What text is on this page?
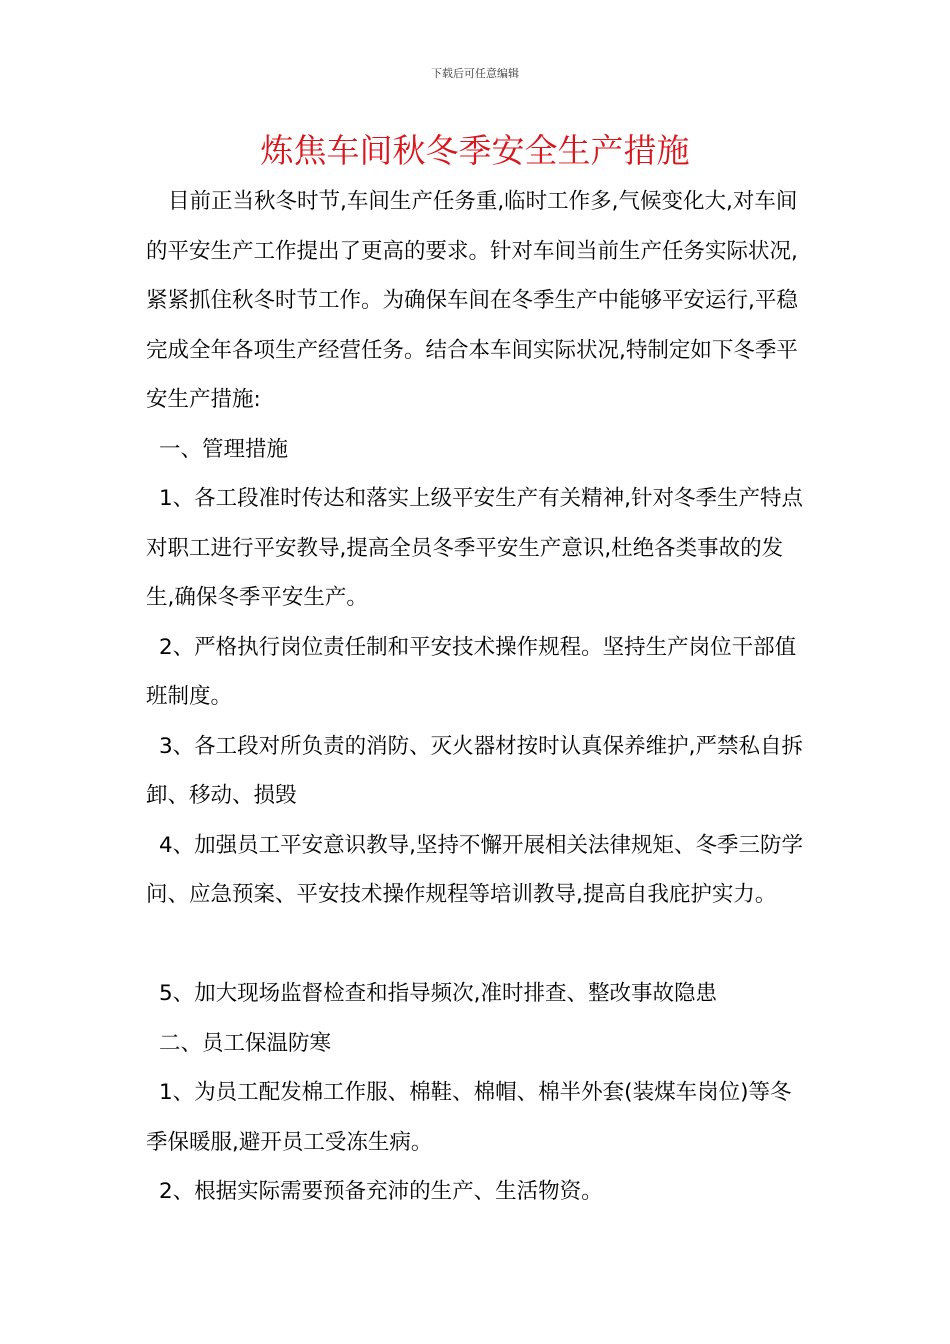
下载后可任意编辑
炼焦车间秋冬季安全生产措施

目前正当秋冬时节,车间生产任务重,临时工作多,气候变化大,对车间的平安生产工作提出了更高的要求。针对车间当前生产任务实际状况,紧紧抓住秋冬时节工作。为确保车间在冬季生产中能够平安运行,平稳完成全年各项生产经营任务。结合本车间实际状况,特制定如下冬季平安生产措施:

一、管理措施

1、各工段准时传达和落实上级平安生产有关精神,针对冬季生产特点对职工进行平安教导,提高全员冬季平安生产意识,杜绝各类事故的发生,确保冬季平安生产。

2、严格执行岗位责任制和平安技术操作规程。坚持生产岗位干部值班制度。

3、各工段对所负责的消防、灭火器材按时认真保养维护,严禁私自拆卸、移动、损毁

4、加强员工平安意识教导,坚持不懈开展相关法律规矩、冬季三防学问、应急预案、平安技术操作规程等培训教导,提高自我庇护实力。

5、加大现场监督检查和指导频次,准时排查、整改事故隐患

二、员工保温防寒

1、为员工配发棉工作服、棉鞋、棉帽、棉半外套(装煤车岗位)等冬季保暖服,避开员工受冻生病。

2、根据实际需要预备充沛的生产、生活物资。
